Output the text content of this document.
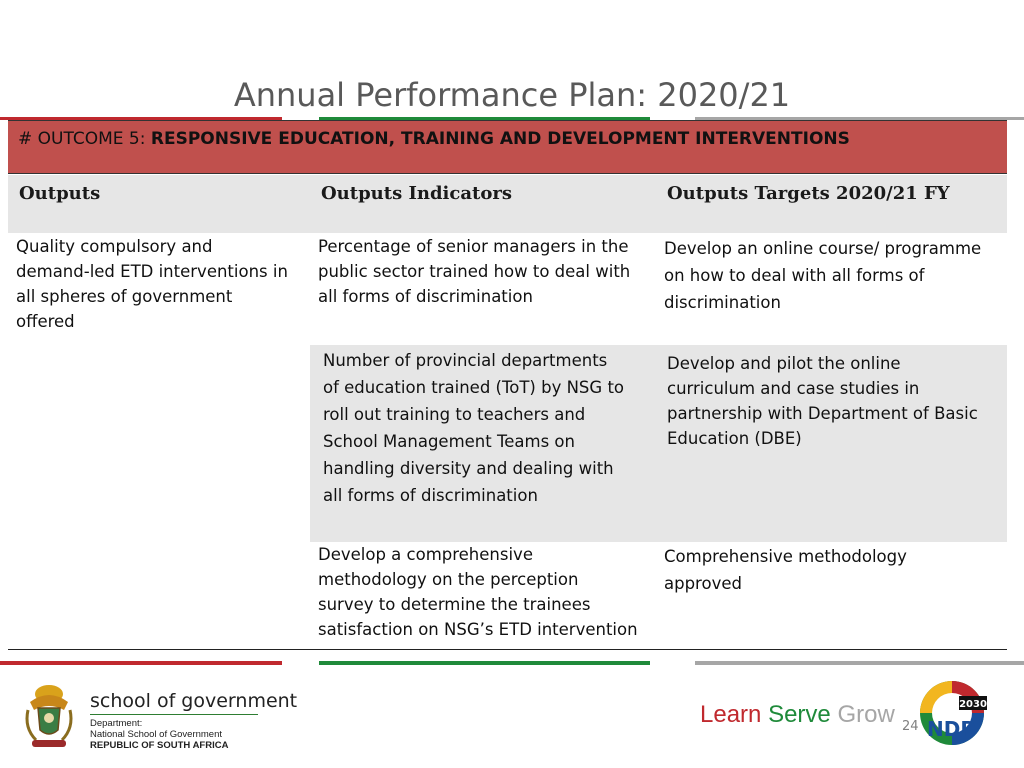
Annual Performance Plan: 2020/21
# OUTCOME 5: RESPONSIVE EDUCATION, TRAINING AND DEVELOPMENT INTERVENTIONS
Outputs	Outputs Indicators	Outputs Targets 2020/21 FY
Quality compulsory and
demand-led ETD interventions in
all spheres of government
offered
Percentage of senior managers in the
public sector trained how to deal with
all forms of discrimination
Develop an online course/ programme
on how to deal with all forms of
discrimination
Number of provincial departments
of education trained (ToT) by NSG to
roll out training to teachers and
School Management Teams on
handling diversity and dealing with
all forms of discrimination
Develop and pilot the online
curriculum and case studies in
partnership with Department of Basic
Education (DBE)
Develop a comprehensive
methodology on the perception
survey to determine the trainees
satisfaction on NSG’s ETD intervention
Comprehensive methodology
approved
school of government
Department:
National School of Government
REPUBLIC OF SOUTH AFRICA
Learn Serve Grow 24
2030
NDP
